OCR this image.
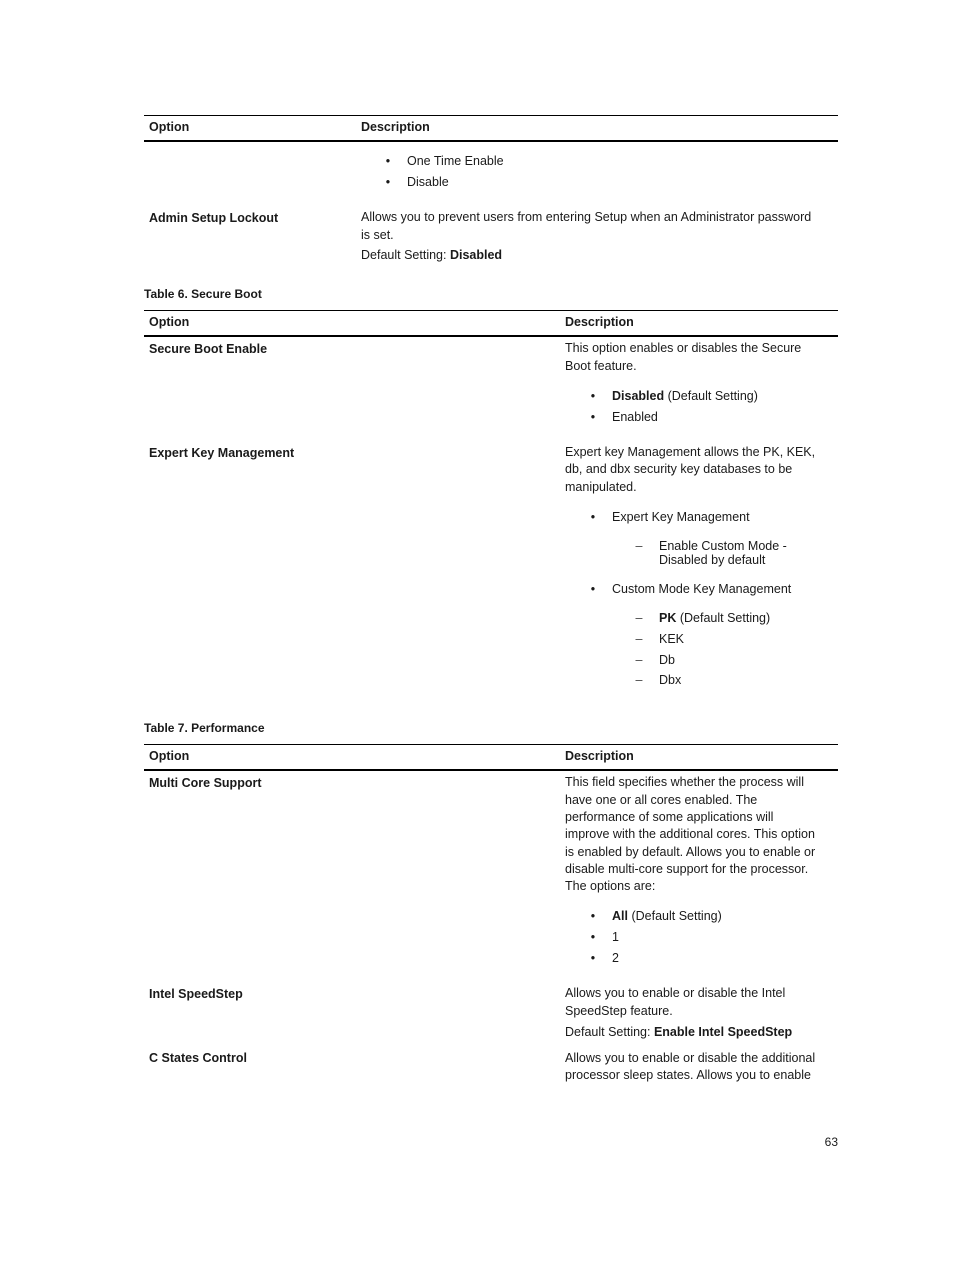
Option	Description
•	One Time Enable
•	Disable
Admin Setup Lockout	Allows you to prevent users from entering Setup when an Administrator password
is set.
Default Setting: Disabled
Table 6. Secure Boot
Option	Description
Secure Boot Enable	This option enables or disables the Secure
Boot feature.
•	Disabled (Default Setting)
•	Enabled
Expert Key Management	Expert key Management allows the PK, KEK,
db, and dbx security key databases to be
manipulated.
•	Expert Key Management
– Enable Custom Mode -
Disabled by default
•	Custom Mode Key Management
– PK (Default Setting)
– KEK
– Db
– Dbx
Table 7. Performance
Option	Description
Multi Core Support	This field specifies whether the process will
have one or all cores enabled. The
performance of some applications will
improve with the additional cores. This option
is enabled by default. Allows you to enable or
disable multi-core support for the processor.
The options are:
•	All (Default Setting)
•	1
•	2
Intel SpeedStep	Allows you to enable or disable the Intel
SpeedStep feature.
Default Setting: Enable Intel SpeedStep
C States Control	Allows you to enable or disable the additional
processor sleep states. Allows you to enable
63
